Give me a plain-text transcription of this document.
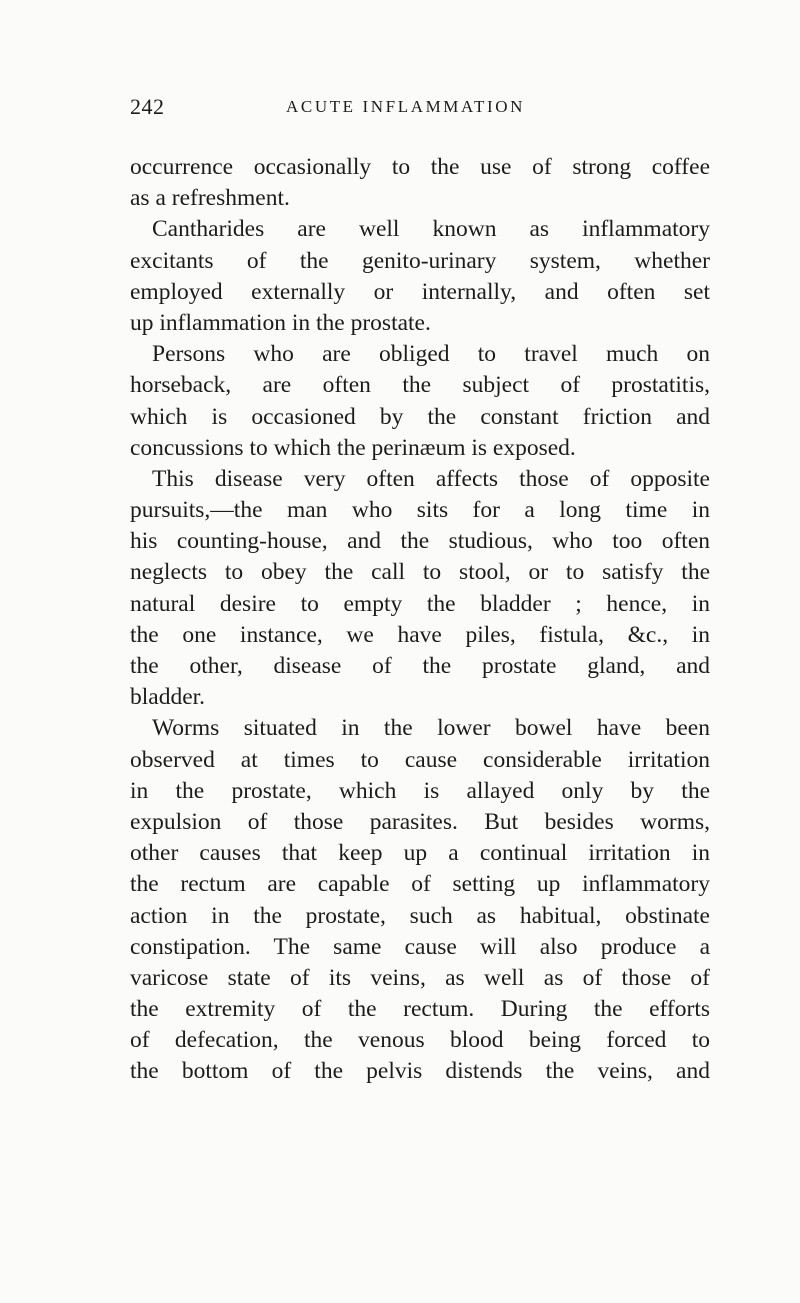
242	ACUTE INFLAMMATION
occurrence occasionally to the use of strong coffee
as a refreshment.
Cantharides are well known as inflammatory
excitants of the genito-urinary system, whether
employed externally or internally, and often set
up inflammation in the prostate.
Persons who are obliged to travel much on
horseback, are often the subject of prostatitis,
which is occasioned by the constant friction and
concussions to which the perinæum is exposed.
This disease very often affects those of opposite
pursuits,—the man who sits for a long time in
his counting-house, and the studious, who too often
neglects to obey the call to stool, or to satisfy the
natural desire to empty the bladder ; hence, in
the one instance, we have piles, fistula, &c., in
the other, disease of the prostate gland, and
bladder.
Worms situated in the lower bowel have been
observed at times to cause considerable irritation
in the prostate, which is allayed only by the
expulsion of those parasites. But besides worms,
other causes that keep up a continual irritation in
the rectum are capable of setting up inflammatory
action in the prostate, such as habitual, obstinate
constipation. The same cause will also produce a
varicose state of its veins, as well as of those of
the extremity of the rectum. During the efforts
of defecation, the venous blood being forced to
the bottom of the pelvis distends the veins, and
